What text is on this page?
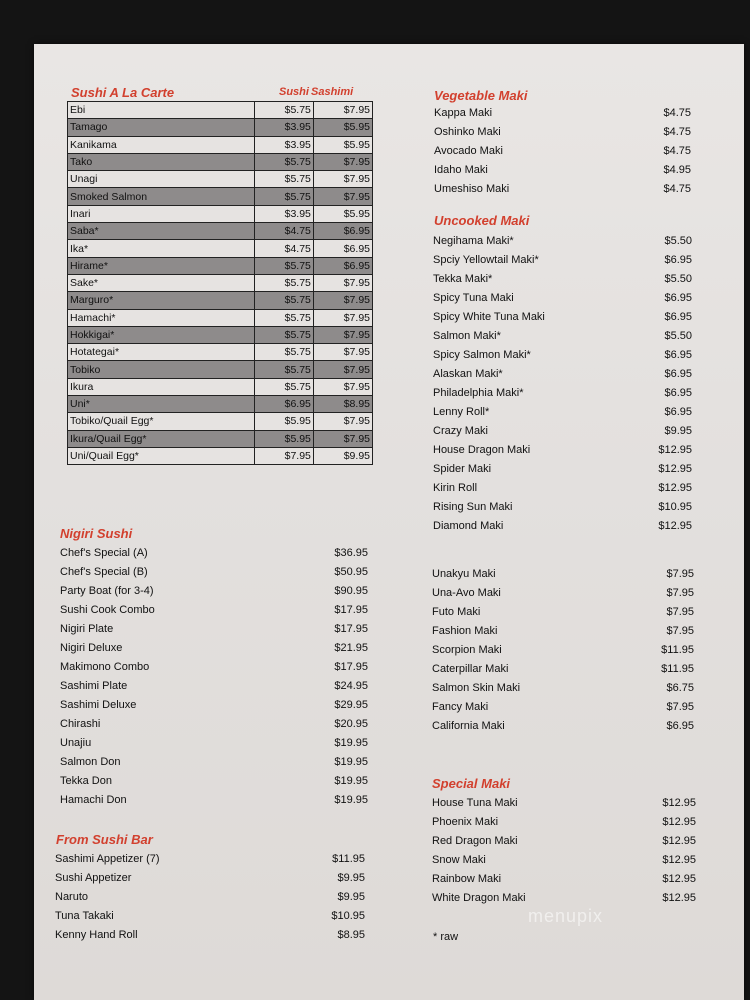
Sushi A La Carte	Sushi Sashimi
Ebi	$5.75	$7.95
Tamago	$3.95	$5.95
Kanikama	$3.95	$5.95
Tako	$5.75	$7.95
Unagi	$5.75	$7.95
Smoked Salmon	$5.75	$7.95
Inari	$3.95	$5.95
Saba*	$4.75	$6.95
Ika*	$4.75	$6.95
Hirame*	$5.75	$6.95
Sake*	$5.75	$7.95
Marguro*	$5.75	$7.95
Hamachi*	$5.75	$7.95
Hokkigai*	$5.75	$7.95
Hotategai*	$5.75	$7.95
Tobiko	$5.75	$7.95
Ikura	$5.75	$7.95
Uni*	$6.95	$8.95
Tobiko/Quail Egg*	$5.95	$7.95
Ikura/Quail Egg*	$5.95	$7.95
Uni/Quail Egg*	$7.95	$9.95
Nigiri Sushi
Chef's Special (A)	$36.95
Chef's Special (B)	$50.95
Party Boat (for 3-4)	$90.95
Sushi Cook Combo	$17.95
Nigiri Plate	$17.95
Nigiri Deluxe	$21.95
Makimono Combo	$17.95
Sashimi Plate	$24.95
Sashimi Deluxe	$29.95
Chirashi	$20.95
Unajiu	$19.95
Salmon Don	$19.95
Tekka Don	$19.95
Hamachi Don	$19.95
From Sushi Bar
Sashimi Appetizer (7)	$11.95
Sushi Appetizer	$9.95
Naruto	$9.95
Tuna Takaki	$10.95
Kenny Hand Roll	$8.95
Vegetable Maki
Kappa Maki	$4.75
Oshinko Maki	$4.75
Avocado Maki	$4.75
Idaho Maki	$4.95
Umeshiso Maki	$4.75
Uncooked Maki
Negihama Maki*	$5.50
Spciy Yellowtail Maki*	$6.95
Tekka Maki*	$5.50
Spicy Tuna Maki	$6.95
Spicy White Tuna Maki	$6.95
Salmon Maki*	$5.50
Spicy Salmon Maki*	$6.95
Alaskan Maki*	$6.95
Philadelphia Maki*	$6.95
Lenny Roll*	$6.95
Crazy Maki	$9.95
House Dragon Maki	$12.95
Spider Maki	$12.95
Kirin Roll	$12.95
Rising Sun Maki	$10.95
Diamond Maki	$12.95
Unakyu Maki	$7.95
Una-Avo Maki	$7.95
Futo Maki	$7.95
Fashion Maki	$7.95
Scorpion Maki	$11.95
Caterpillar Maki	$11.95
Salmon Skin Maki	$6.75
Fancy Maki	$7.95
California Maki	$6.95
Special Maki
House Tuna Maki	$12.95
Phoenix Maki	$12.95
Red Dragon Maki	$12.95
Snow Maki	$12.95
Rainbow Maki	$12.95
White Dragon Maki	$12.95
* raw
menupix
